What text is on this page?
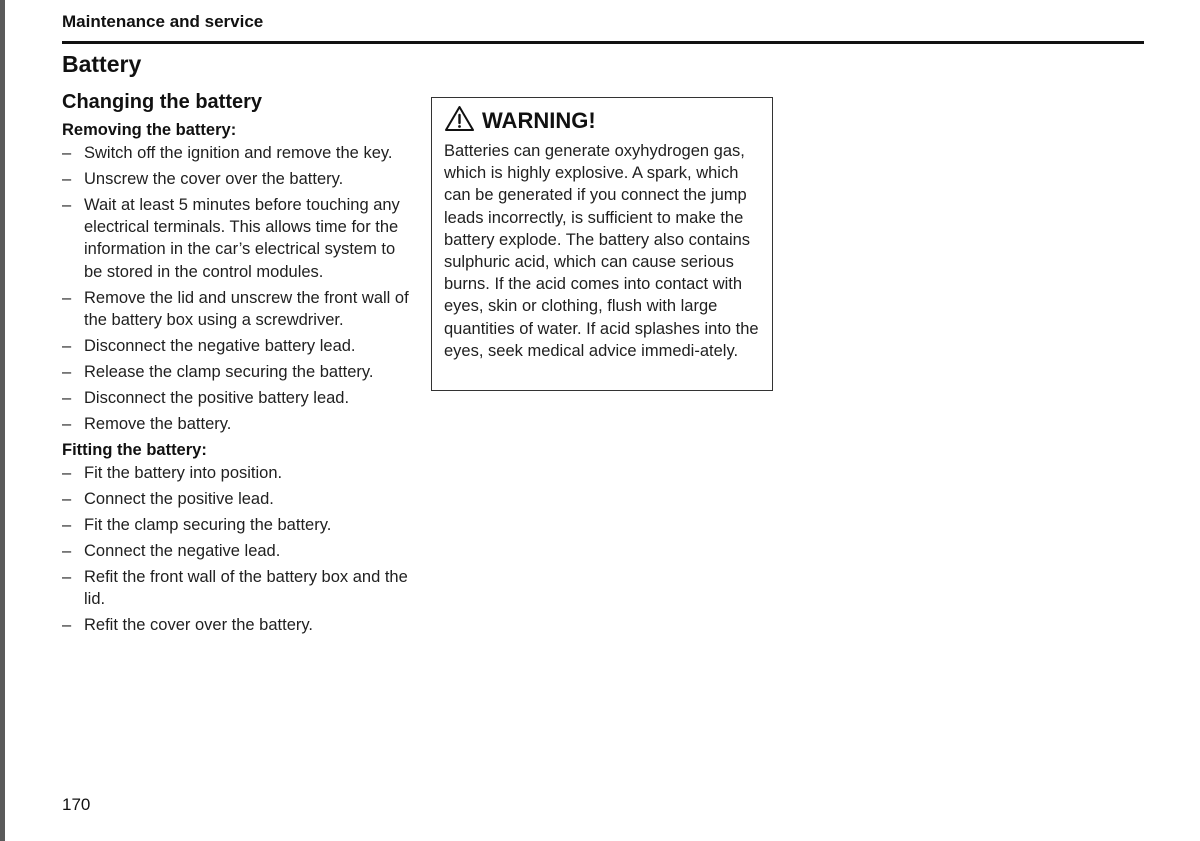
Maintenance and service
Battery
Changing the battery
Removing the battery:
– Switch off the ignition and remove the key.
– Unscrew the cover over the battery.
– Wait at least 5 minutes before touching any electrical terminals. This allows time for the information in the car’s electrical system to be stored in the control modules.
– Remove the lid and unscrew the front wall of the battery box using a screwdriver.
– Disconnect the negative battery lead.
– Release the clamp securing the battery.
– Disconnect the positive battery lead.
– Remove the battery.
Fitting the battery:
– Fit the battery into position.
– Connect the positive lead.
– Fit the clamp securing the battery.
– Connect the negative lead.
– Refit the front wall of the battery box and the lid.
– Refit the cover over the battery.
WARNING!

Batteries can generate oxyhydrogen gas, which is highly explosive. A spark, which can be generated if you connect the jump leads incorrectly, is sufficient to make the battery explode. The battery also contains sulphuric acid, which can cause serious burns. If the acid comes into contact with eyes, skin or clothing, flush with large quantities of water. If acid splashes into the eyes, seek medical advice immedi-ately.

170
